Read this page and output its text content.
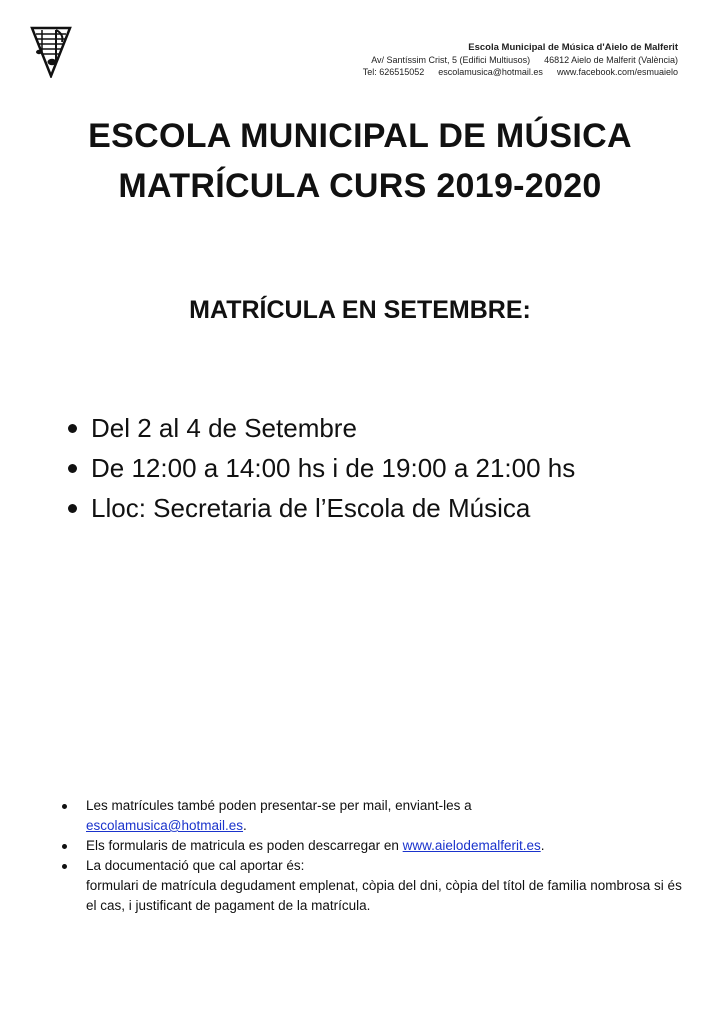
Escola Municipal de Música d'Aielo de Malferit
Av/ Santíssim Crist, 5 (Edifici Multiusos) 46812 Aielo de Malferit (València)
Tel: 626515052 escolamusica@hotmail.es www.facebook.com/esmuaielo
ESCOLA MUNICIPAL DE MÚSICA
MATRÍCULA CURS 2019-2020
MATRÍCULA EN SETEMBRE:
Del 2 al 4 de Setembre
De 12:00 a 14:00 hs i de 19:00 a 21:00 hs
Lloc: Secretaria de l’Escola de Música
Les matrícules també poden presentar-se per mail, enviant-les a
escolamusica@hotmail.es.
Els formularis de matricula es poden descarregar en www.aielodemalferit.es.
La documentació que cal aportar és:
formulari de matrícula degudament emplenat, còpia del dni, còpia del títol de familia nombrosa si és el cas, i justificant de pagament de la matrícula.
